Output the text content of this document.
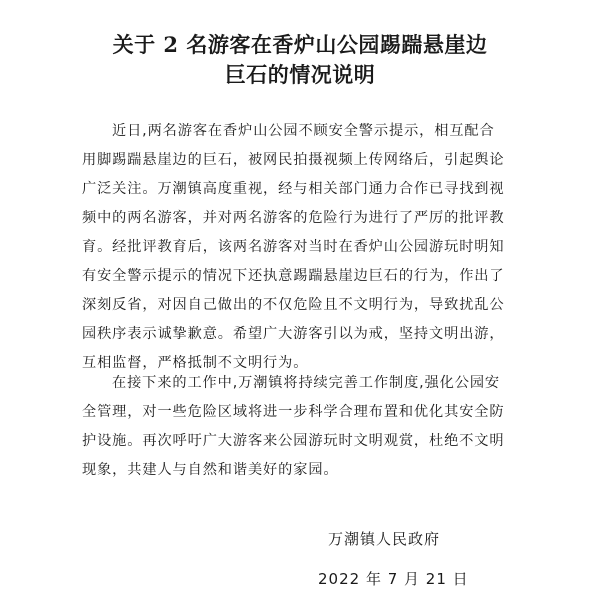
关于 2 名游客在香炉山公园踢踹悬崖边
巨石的情况说明

近日,两名游客在香炉山公园不顾安全警示提示，相互配合
用脚踢踹悬崖边的巨石，被网民拍摄视频上传网络后，引起舆论
广泛关注。万潮镇高度重视，经与相关部门通力合作已寻找到视
频中的两名游客，并对两名游客的危险行为进行了严厉的批评教
育。经批评教育后，该两名游客对当时在香炉山公园游玩时明知
有安全警示提示的情况下还执意踢踹悬崖边巨石的行为，作出了
深刻反省，对因自己做出的不仅危险且不文明行为，导致扰乱公
园秩序表示诚挚歉意。希望广大游客引以为戒，坚持文明出游，
互相监督，严格抵制不文明行为。

在接下来的工作中,万潮镇将持续完善工作制度,强化公园安
全管理，对一些危险区域将进一步科学合理布置和优化其安全防
护设施。再次呼吁广大游客来公园游玩时文明观赏，杜绝不文明
现象，共建人与自然和谐美好的家园。

万潮镇人民政府
2022 年 7 月 21 日
